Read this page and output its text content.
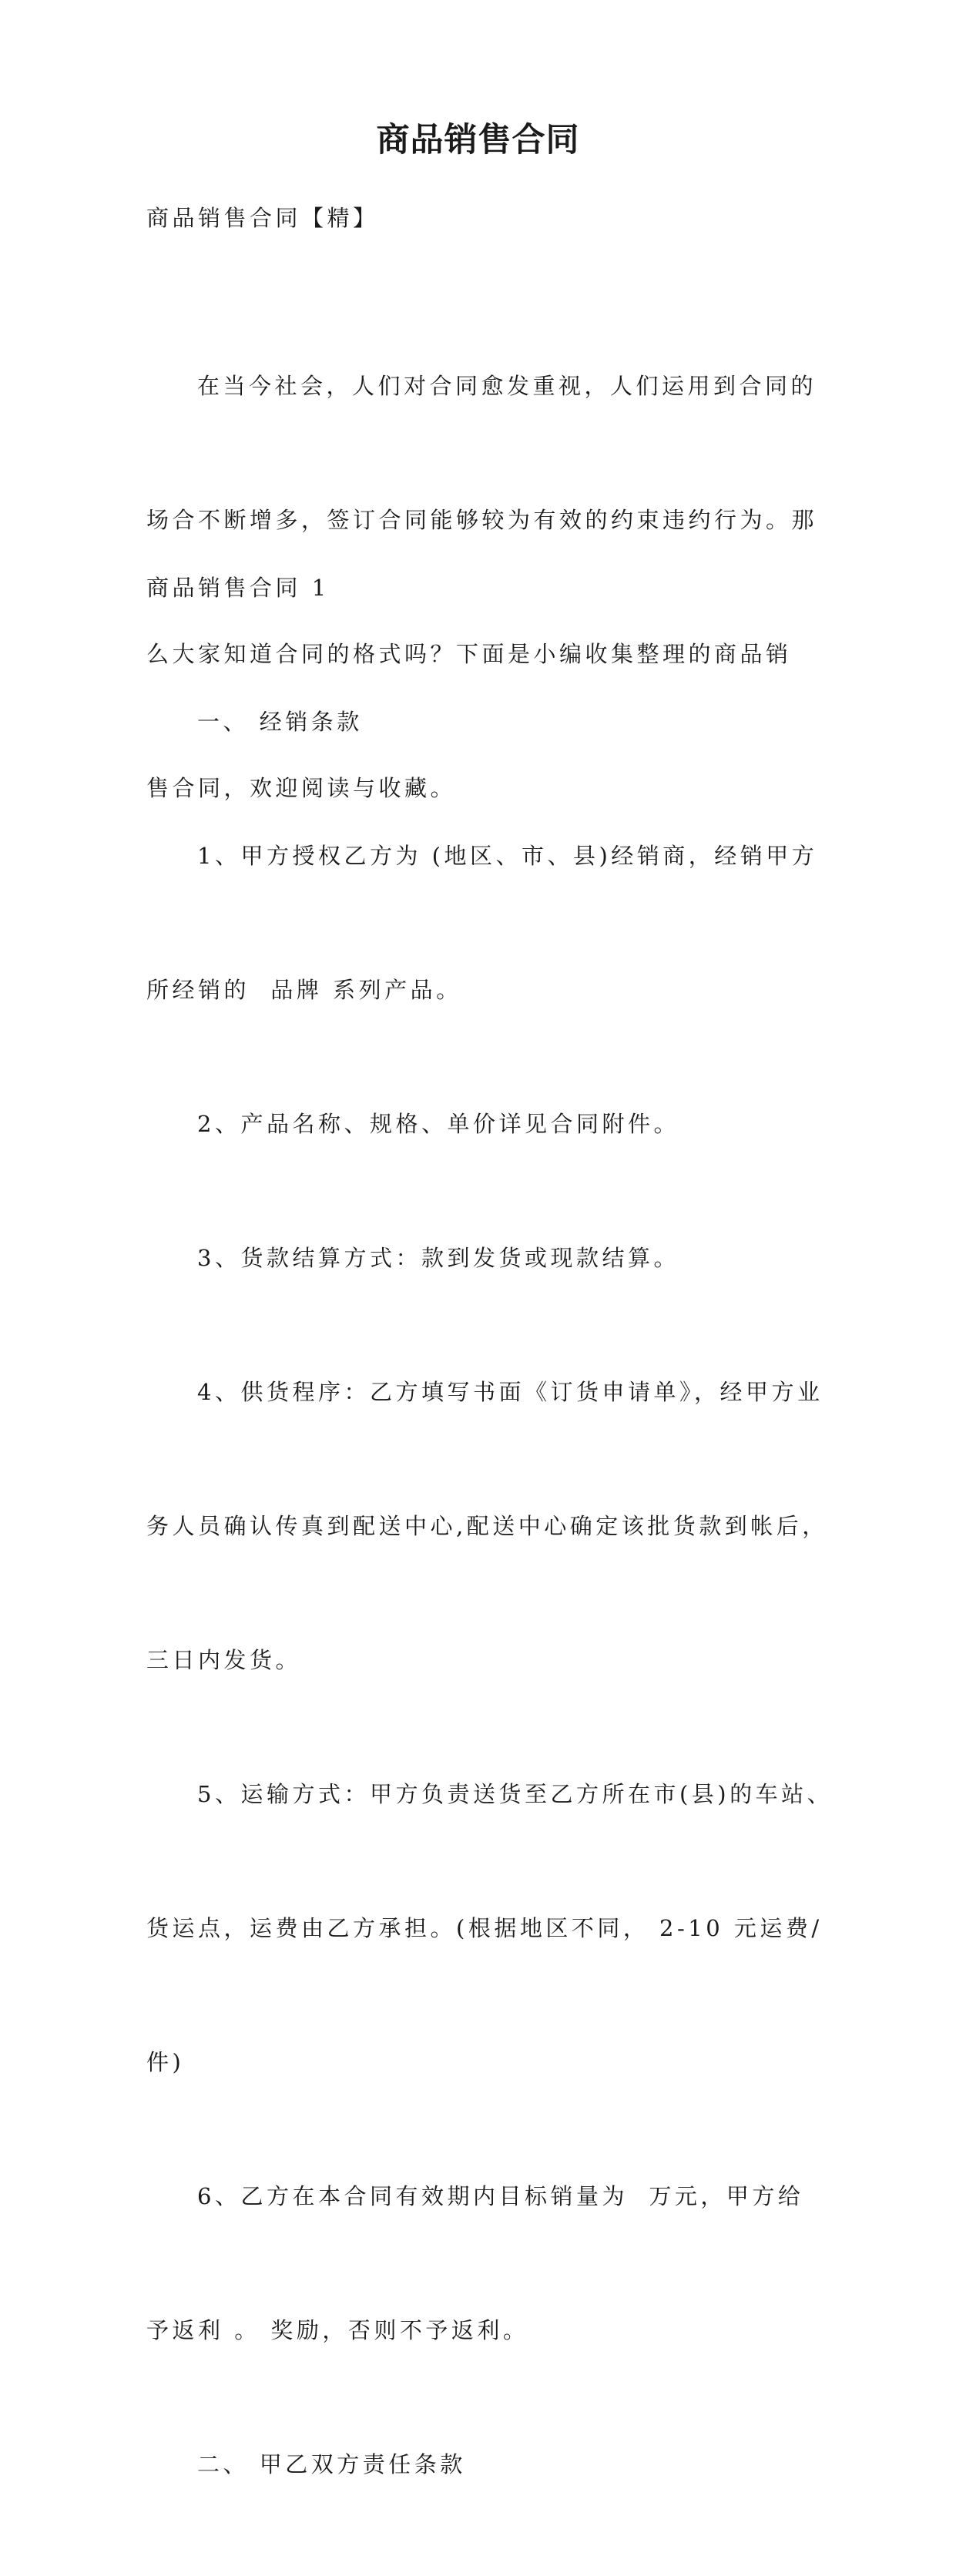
商品销售合同

商品销售合同【精】

在当今社会，人们对合同愈发重视，人们运用到合同的

场合不断增多，签订合同能够较为有效的约束违约行为。那

么大家知道合同的格式吗？下面是小编收集整理的商品销

售合同，欢迎阅读与收藏。

商品销售合同 1

一、 经销条款

1、甲方授权乙方为 (地区、市、县)经销商，经销甲方

所经销的  品牌 系列产品。

2、产品名称、规格、单价详见合同附件。

3、货款结算方式：款到发货或现款结算。

4、供货程序：乙方填写书面《订货申请单》，经甲方业

务人员确认传真到配送中心,配送中心确定该批货款到帐后，

三日内发货。

5、运输方式：甲方负责送货至乙方所在市(县)的车站、

货运点，运费由乙方承担。(根据地区不同， 2-10 元运费/

件)

6、乙方在本合同有效期内目标销量为  万元，甲方给

予返利 。 奖励，否则不予返利。

二、 甲乙双方责任条款
